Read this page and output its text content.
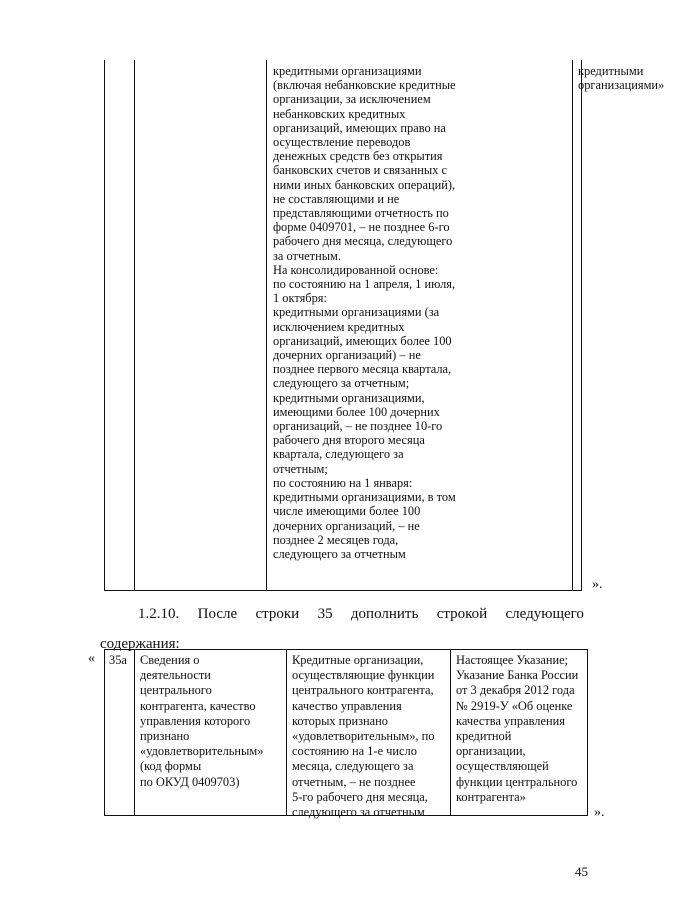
кредитными организациями
(включая небанковские кредитные
организации, за исключением
небанковских кредитных
организаций, имеющих право на
осуществление переводов
денежных средств без открытия
банковских счетов и связанных с
ними иных банковских операций),
не составляющими и не
представляющими отчетность по
форме 0409701, – не позднее 6-го
рабочего дня месяца, следующего
за отчетным.
На консолидированной основе:
по состоянию на 1 апреля, 1 июля,
1 октября:
кредитными организациями (за
исключением кредитных
организаций, имеющих более 100
дочерних организаций) – не
позднее первого месяца квартала,
следующего за отчетным;
кредитными организациями,
имеющими более 100 дочерних
организаций, – не позднее 10-го
рабочего дня второго месяца
квартала, следующего за
отчетным;
по состоянию на 1 января:
кредитными организациями, в том
числе имеющими более 100
дочерних организаций, – не
позднее 2 месяцев года,
следующего за отчетным
кредитными
организациями»
».
1.2.10. После строки 35 дополнить строкой следующего
содержания:
«	35а	Сведения о
деятельности
центрального
контрагента, качество
управления которого
признано
«удовлетворительным»
(код формы
по ОКУД 0409703)
Кредитные организации,
осуществляющие функции
центрального контрагента,
качество управления
которых признано
«удовлетворительным», по
состоянию на 1-е число
месяца, следующего за
отчетным, – не позднее
5-го рабочего дня месяца,
следующего за отчетным
Настоящее Указание;
Указание Банка России
от 3 декабря 2012 года
№ 2919-У «Об оценке
качества управления
кредитной
организации,
осуществляющей
функции центрального
контрагента»
».
45
